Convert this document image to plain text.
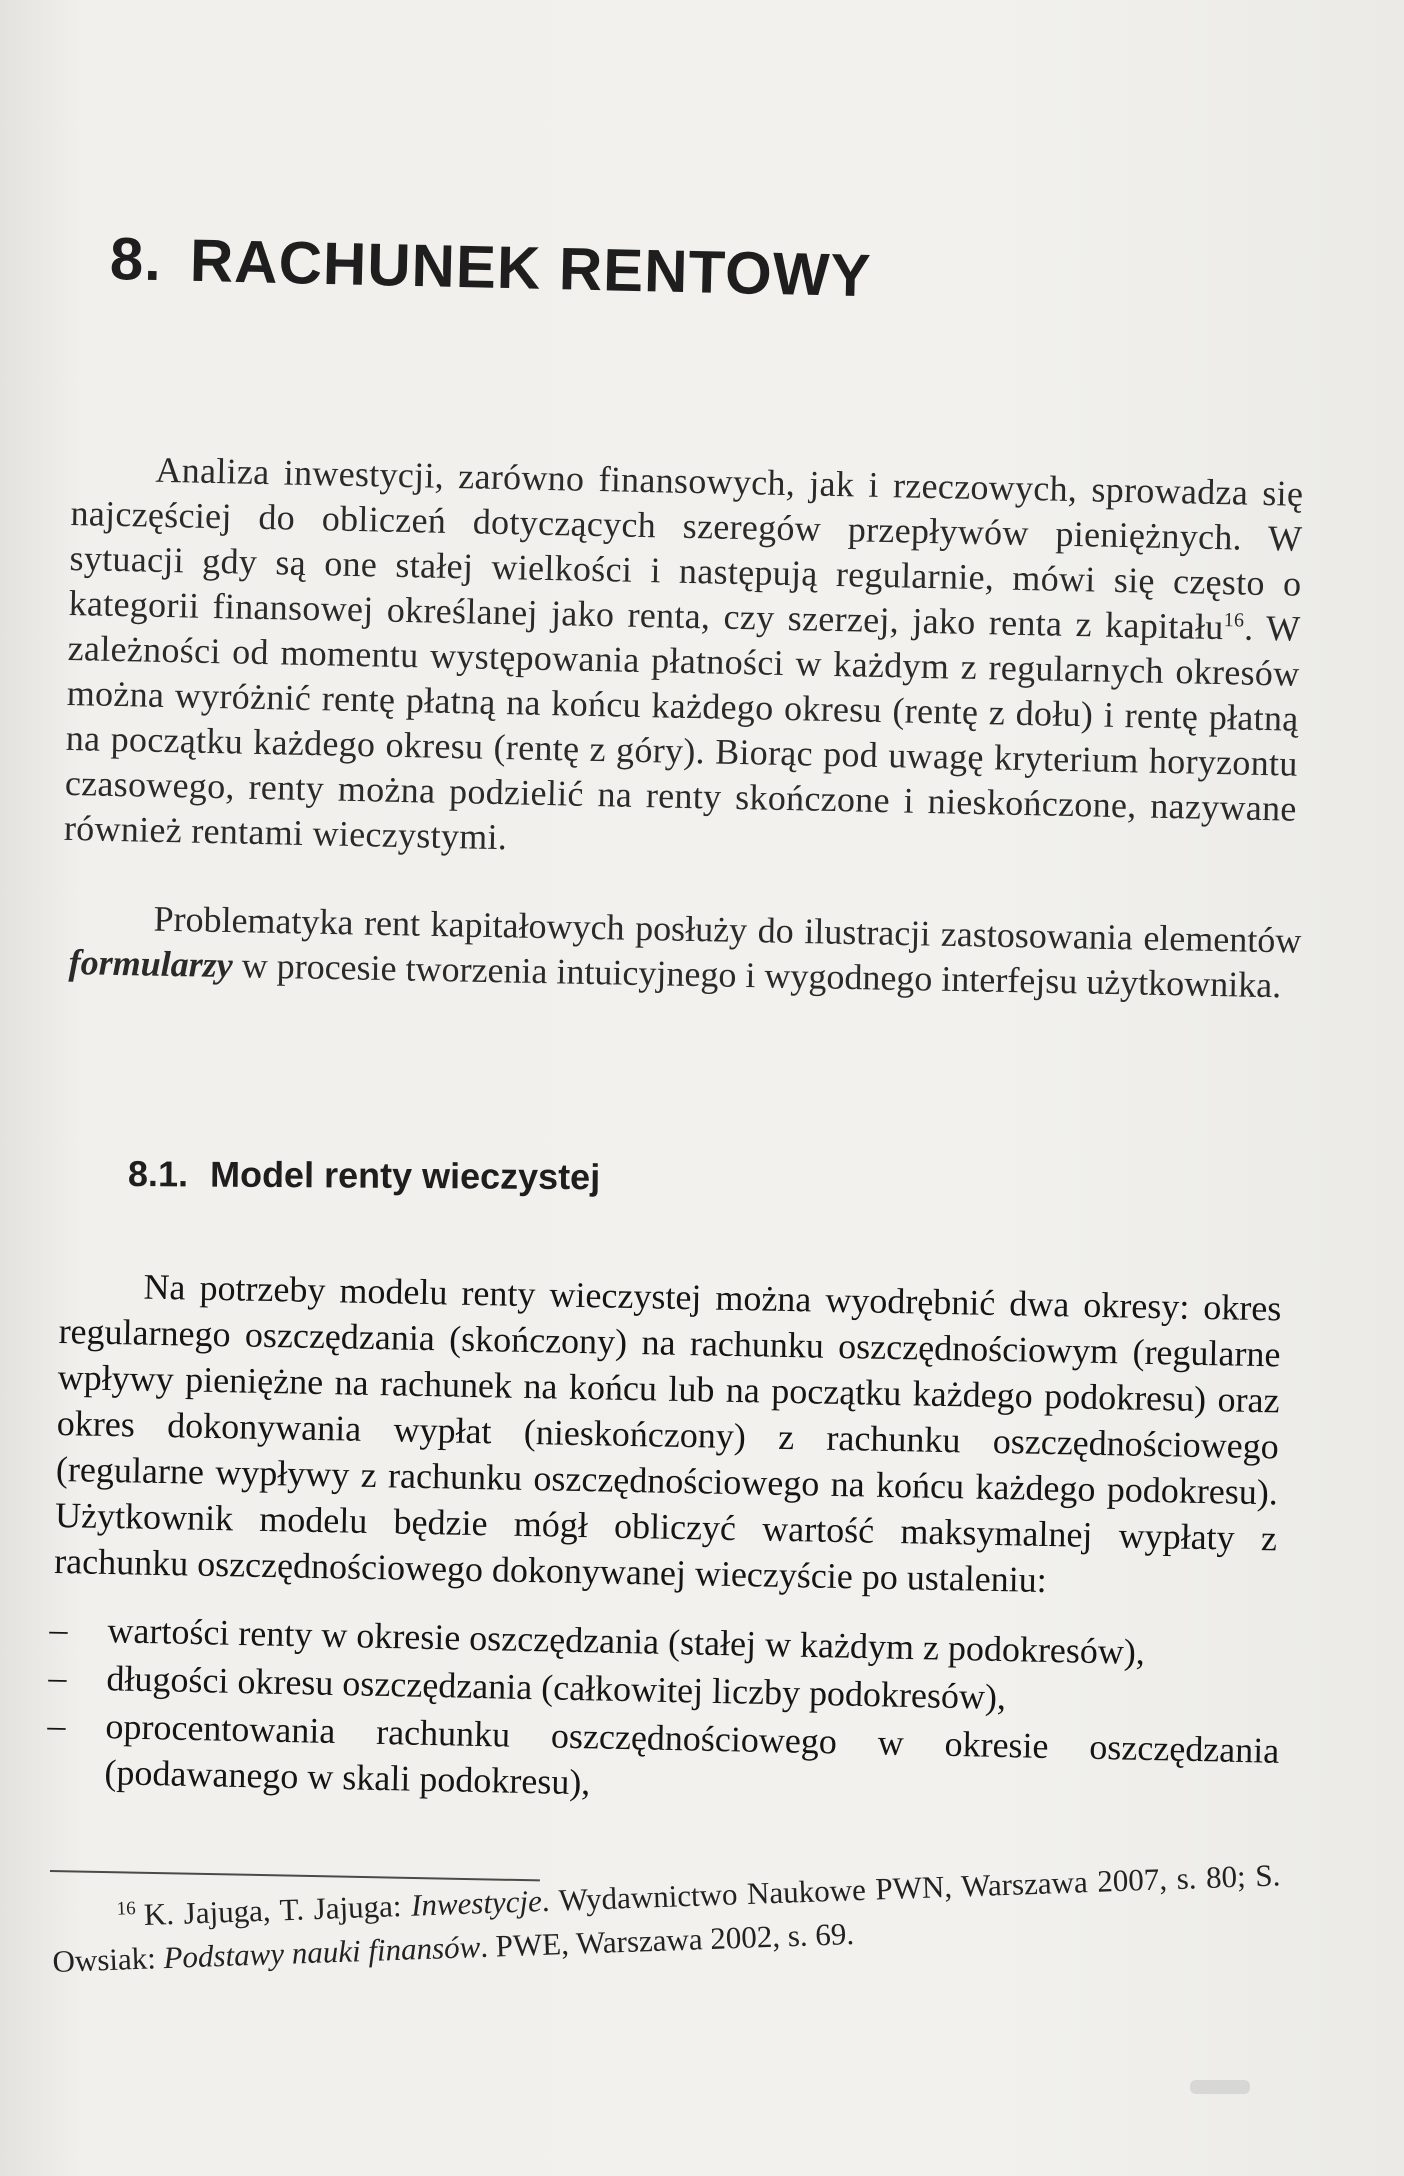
8. RACHUNEK RENTOWY

Analiza inwestycji, zarówno finansowych, jak i rzeczowych, sprowadza się najczęściej do obliczeń dotyczących szeregów przepływów pieniężnych. W sytuacji gdy są one stałej wielkości i następują regularnie, mówi się często o kategorii finansowej określanej jako renta, czy szerzej, jako renta z kapitału$^{16}$. W zależności od momentu występowania płatności w każdym z regularnych okresów można wyróżnić rentę płatną na końcu każdego okresu (rentę z dołu) i rentę płatną na początku każdego okresu (rentę z góry). Biorąc pod uwagę kryterium horyzontu czasowego, renty można podzielić na renty skończone i nieskończone, nazywane również rentami wieczystymi.

Problematyka rent kapitałowych posłuży do ilustracji zastosowania elementów formularzy w procesie tworzenia intuicyjnego i wygodnego interfejsu użytkownika.

8.1. Model renty wieczystej

Na potrzeby modelu renty wieczystej można wyodrębnić dwa okresy: okres regularnego oszczędzania (skończony) na rachunku oszczędnościowym (regularne wpływy pieniężne na rachunek na końcu lub na początku każdego podokresu) oraz okres dokonywania wypłat (nieskończony) z rachunku oszczędnościowego (regularne wypływy z rachunku oszczędnościowego na końcu każdego podokresu). Użytkownik modelu będzie mógł obliczyć wartość maksymalnej wypłaty z rachunku oszczędnościowego dokonywanej wieczyście po ustaleniu:

– wartości renty w okresie oszczędzania (stałej w każdym z podokresów),
– długości okresu oszczędzania (całkowitej liczby podokresów),
– oprocentowania rachunku oszczędnościowego w okresie oszczędzania (podawanego w skali podokresu),

$^{16}$ K. Jajuga, T. Jajuga: Inwestycje. Wydawnictwo Naukowe PWN, Warszawa 2007, s. 80; S. Owsiak: Podstawy nauki finansów. PWE, Warszawa 2002, s. 69.
